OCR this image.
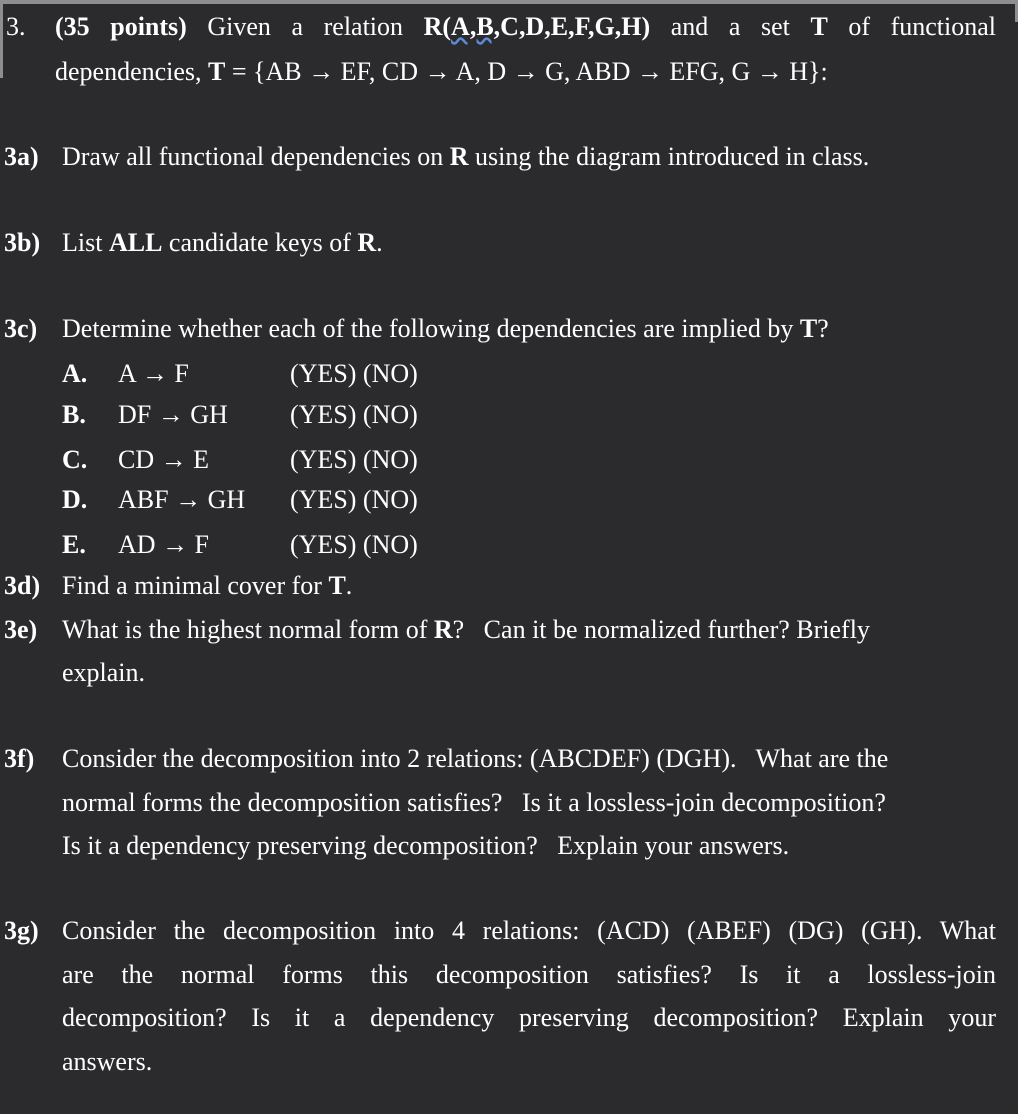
3. (35 points) Given a relation R(A,B,C,D,E,F,G,H) and a set T of functional
dependencies, T = {AB → EF, CD → A, D → G, ABD → EFG, G → H}:
3a) Draw all functional dependencies on R using the diagram introduced in class.
3b) List ALL candidate keys of R.
3c) Determine whether each of the following dependencies are implied by T?
A. A → F	(YES) (NO)
B. DF → GH (YES) (NO)
C. CD → E	(YES) (NO)
D. ABF → GH (YES) (NO)
E. AD → F	(YES) (NO)
3d) Find a minimal cover for T.
3e) What is the highest normal form of R?   Can it be normalized further? Briefly
explain.
3f) Consider the decomposition into 2 relations: (ABCDEF) (DGH).   What are the
normal forms the decomposition satisfies?   Is it a lossless-join decomposition?
Is it a dependency preserving decomposition?   Explain your answers.
3g) Consider the decomposition into 4 relations: (ACD) (ABEF) (DG) (GH). What
are the normal forms this decomposition satisfies? Is it a lossless-join
decomposition? Is it a dependency preserving decomposition? Explain your
answers.
